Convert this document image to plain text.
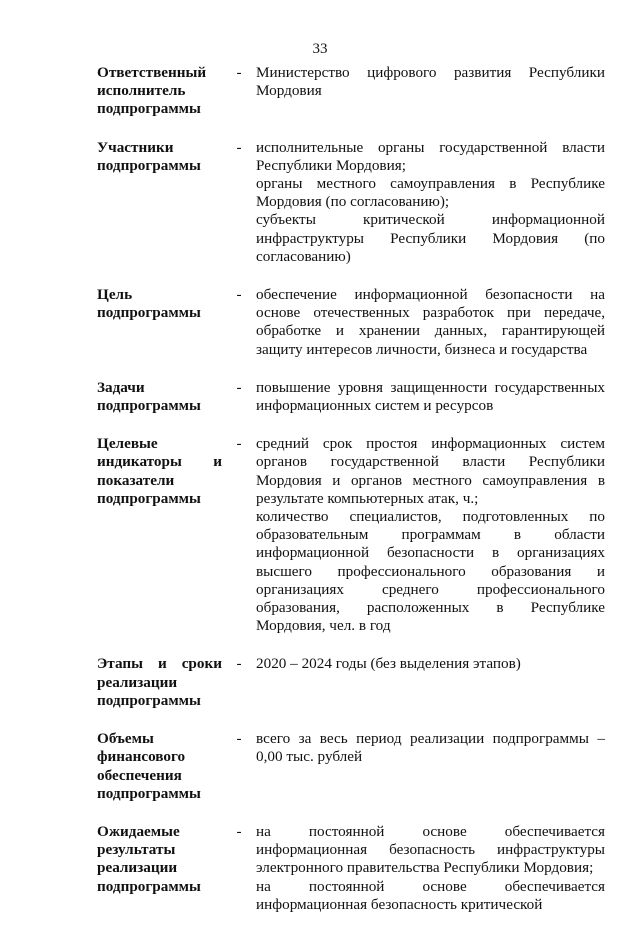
33
Ответственный
исполнитель
подпрограммы
- Министерство цифрового развития Республики Мордовия

Участники
подпрограммы
- исполнительные органы государственной власти Республики Мордовия;

органы местного самоуправления в Республике Мордовия (по согласованию);

субъекты критической информационной инфраструктуры Республики Мордовия (по согласованию)

Цель
подпрограммы
- обеспечение информационной безопасности на основе отечественных разработок при передаче, обработке и хранении данных, гарантирующей защиту интересов личности, бизнеса и государства

Задачи
подпрограммы
- повышение уровня защищенности государственных информационных систем и ресурсов

Целевые
индикаторы и
показатели
подпрограммы
- средний срок простоя информационных систем органов государственной власти Республики Мордовия и органов местного самоуправления в результате компьютерных атак, ч.;

количество специалистов, подготовленных по образовательным программам в области информационной безопасности в организациях высшего профессионального образования и организациях среднего профессионального образования, расположенных в Республике Мордовия, чел. в год

Этапы и сроки
реализации
подпрограммы
- 2020 – 2024 годы (без выделения этапов)

Объемы
финансового
обеспечения
подпрограммы
- всего за весь период реализации подпрограммы – 0,00 тыс. рублей

Ожидаемые
результаты
реализации
подпрограммы
- на постоянной основе обеспечивается информационная безопасность инфраструктуры электронного правительства Республики Мордовия;

на постоянной основе обеспечивается информационная безопасность критической
